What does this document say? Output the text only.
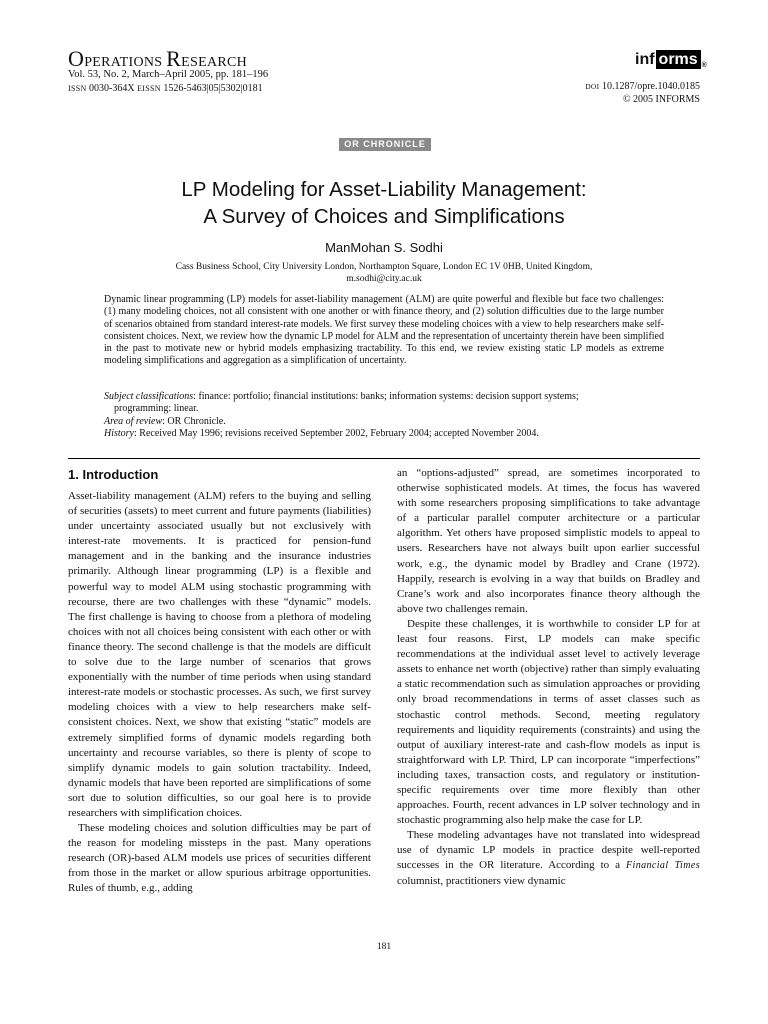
OPERATIONS RESEARCH
Vol. 53, No. 2, March–April 2005, pp. 181–196
ISSN 0030-364X EISSN 1526-5463|05|5302|0181
inf orms ®
DOI 10.1287/opre.1040.0185
© 2005 INFORMS
OR CHRONICLE
LP Modeling for Asset-Liability Management:
A Survey of Choices and Simplifications
ManMohan S. Sodhi
Cass Business School, City University London, Northampton Square, London EC 1V 0HB, United Kingdom,
m.sodhi@city.ac.uk

Dynamic linear programming (LP) models for asset-liability management (ALM) are quite powerful and flexible but face two challenges: (1) many modeling choices, not all consistent with one another or with finance theory, and (2) solution difficulties due to the large number of scenarios obtained from standard interest-rate models. We first survey these modeling choices with a view to help researchers make self-consistent choices. Next, we review how the dynamic LP model for ALM and the representation of uncertainty therein have been simplified in the past to motivate new or hybrid models emphasizing tractability. To this end, we review existing static LP models as extreme modeling simplifications and aggregation as a simplification of uncertainty.

Subject classifications: finance: portfolio; financial institutions: banks; information systems: decision support systems;

programming: linear.

Area of review: OR Chronicle.

History: Received May 1996; revisions received September 2002, February 2004; accepted November 2004.

1. Introduction

Asset-liability management (ALM) refers to the buying and selling of securities (assets) to meet current and future payments (liabilities) under uncertainty associated usually but not exclusively with interest-rate movements. It is practiced for pension-fund management and in the banking and the insurance industries primarily. Although linear programming (LP) is a flexible and powerful way to model ALM using stochastic programming with recourse, there are two challenges with these “dynamic” models. The first challenge is having to choose from a plethora of modeling choices with not all choices being consistent with each other or with finance theory. The second challenge is that the models are difficult to solve due to the large number of scenarios that grows exponentially with the number of time periods when using standard interest-rate models or stochastic processes. As such, we first survey modeling choices with a view to help researchers make self-consistent choices. Next, we show that existing “static” models are extremely simplified forms of dynamic models regarding both uncertainty and recourse variables, so there is plenty of scope to simplify dynamic models to gain solution tractability. Indeed, dynamic models that have been reported are simplifications of some sort due to solution difficulties, so our goal here is to provide researchers with simplification choices.

These modeling choices and solution difficulties may be part of the reason for modeling missteps in the past. Many operations research (OR)-based ALM models use prices of securities different from those in the market or allow spurious arbitrage opportunities. Rules of thumb, e.g., adding

an “options-adjusted” spread, are sometimes incorporated to otherwise sophisticated models. At times, the focus has wavered with some researchers proposing simplifications to take advantage of a particular parallel computer architecture or a particular algorithm. Yet others have proposed simplistic models to appeal to users. Researchers have not always built upon earlier successful work, e.g., the dynamic model by Bradley and Crane (1972). Happily, research is evolving in a way that builds on Bradley and Crane’s work and also incorporates finance theory although the above two challenges remain.

Despite these challenges, it is worthwhile to consider LP for at least four reasons. First, LP models can make specific recommendations at the individual asset level to actively leverage assets to enhance net worth (objective) rather than simply evaluating a static recommendation such as simulation approaches or providing only broad recommendations in terms of asset classes such as stochastic control methods. Second, meeting regulatory requirements and liquidity requirements (constraints) and using the output of auxiliary interest-rate and cash-flow models as input is straightforward with LP. Third, LP can incorporate “imperfections” including taxes, transaction costs, and regulatory or institution-specific requirements over time more flexibly than other approaches. Fourth, recent advances in LP solver technology and in stochastic programming also help make the case for LP.

These modeling advantages have not translated into widespread use of dynamic LP models in practice despite well-reported successes in the OR literature. According to a Financial Times columnist, practitioners view dynamic

181
